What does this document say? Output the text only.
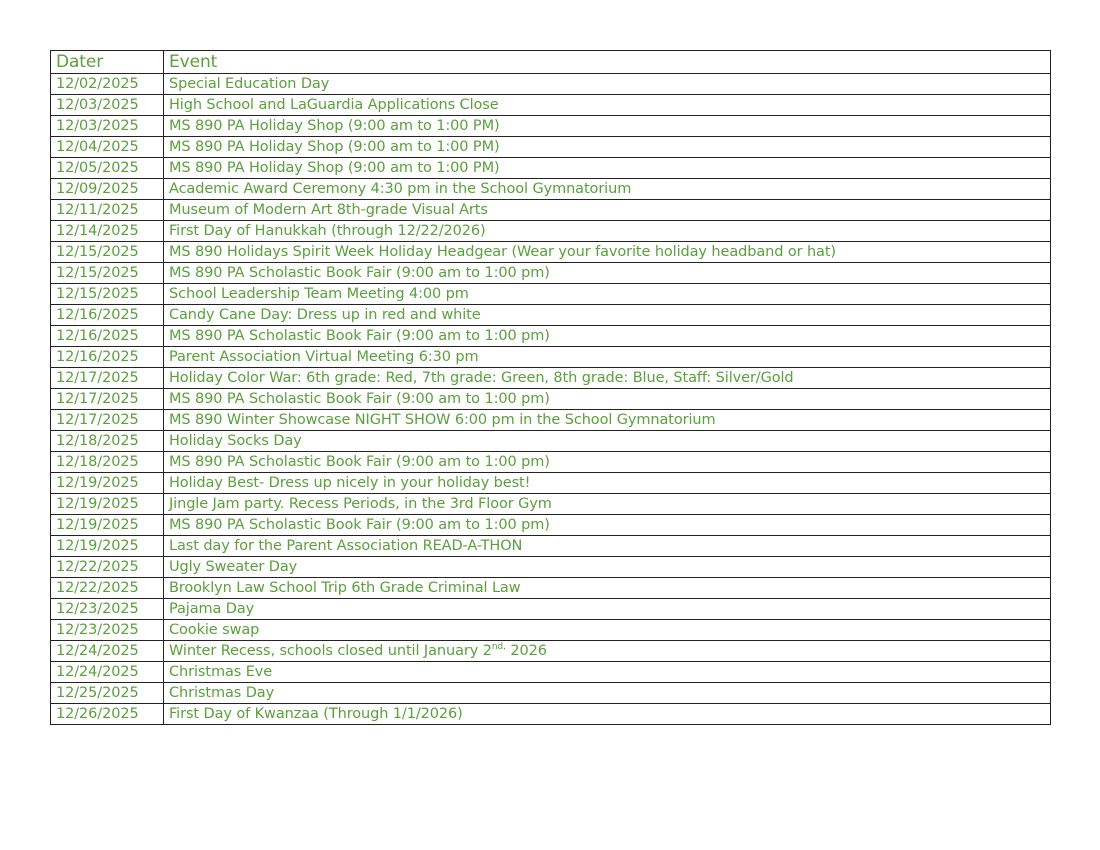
Dater	Event
12/02/2025	Special Education Day
12/03/2025	High School and LaGuardia Applications Close
12/03/2025	MS 890 PA Holiday Shop (9:00 am to 1:00 PM)
12/04/2025	MS 890 PA Holiday Shop (9:00 am to 1:00 PM)
12/05/2025	MS 890 PA Holiday Shop (9:00 am to 1:00 PM)
12/09/2025	Academic Award Ceremony 4:30 pm in the School Gymnatorium
12/11/2025	Museum of Modern Art 8th-grade Visual Arts
12/14/2025	First Day of Hanukkah (through 12/22/2026)
12/15/2025	MS 890 Holidays Spirit Week Holiday Headgear (Wear your favorite holiday headband or hat)
12/15/2025	MS 890 PA Scholastic Book Fair (9:00 am to 1:00 pm)
12/15/2025	School Leadership Team Meeting 4:00 pm
12/16/2025	Candy Cane Day: Dress up in red and white
12/16/2025	MS 890 PA Scholastic Book Fair (9:00 am to 1:00 pm)
12/16/2025	Parent Association Virtual Meeting 6:30 pm
12/17/2025	Holiday Color War: 6th grade: Red, 7th grade: Green, 8th grade: Blue, Staff: Silver/Gold
12/17/2025	MS 890 PA Scholastic Book Fair (9:00 am to 1:00 pm)
12/17/2025	MS 890 Winter Showcase NIGHT SHOW 6:00 pm in the School Gymnatorium
12/18/2025	Holiday Socks Day
12/18/2025	MS 890 PA Scholastic Book Fair (9:00 am to 1:00 pm)
12/19/2025	Holiday Best- Dress up nicely in your holiday best!
12/19/2025	Jingle Jam party. Recess Periods, in the 3rd Floor Gym
12/19/2025	MS 890 PA Scholastic Book Fair (9:00 am to 1:00 pm)
12/19/2025	Last day for the Parent Association READ-A-THON
12/22/2025	Ugly Sweater Day
12/22/2025	Brooklyn Law School Trip 6th Grade Criminal Law
12/23/2025	Pajama Day
12/23/2025	Cookie swap
12/24/2025	Winter Recess, schools closed until January $2^{nd,}$ 2026
12/24/2025	Christmas Eve
12/25/2025	Christmas Day
12/26/2025	First Day of Kwanzaa (Through 1/1/2026)
